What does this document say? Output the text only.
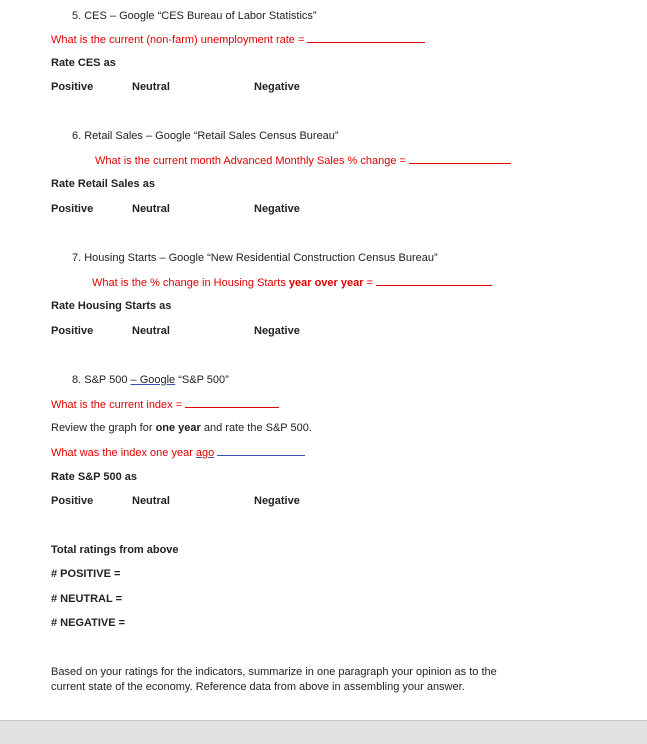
5. CES – Google “CES Bureau of Labor Statistics”
What is the current (non-farm) unemployment rate =
Rate CES as
Positive	Neutral	Negative
6. Retail Sales – Google “Retail Sales Census Bureau”
What is the current month Advanced Monthly Sales % change =
Rate Retail Sales as
Positive	Neutral	Negative
7. Housing Starts – Google “New Residential Construction Census Bureau”
What is the % change in Housing Starts year over year =
Rate Housing Starts as
Positive	Neutral	Negative
8. S&P 500 – Google “S&P 500”
What is the current index =
Review the graph for one year and rate the S&P 500.
What was the index one year ago
Rate S&P 500 as
Positive	Neutral	Negative
Total ratings from above
# POSITIVE =
# NEUTRAL =
# NEGATIVE =
Based on your ratings for the indicators, summarize in one paragraph your opinion as to the
current state of the economy. Reference data from above in assembling your answer.
